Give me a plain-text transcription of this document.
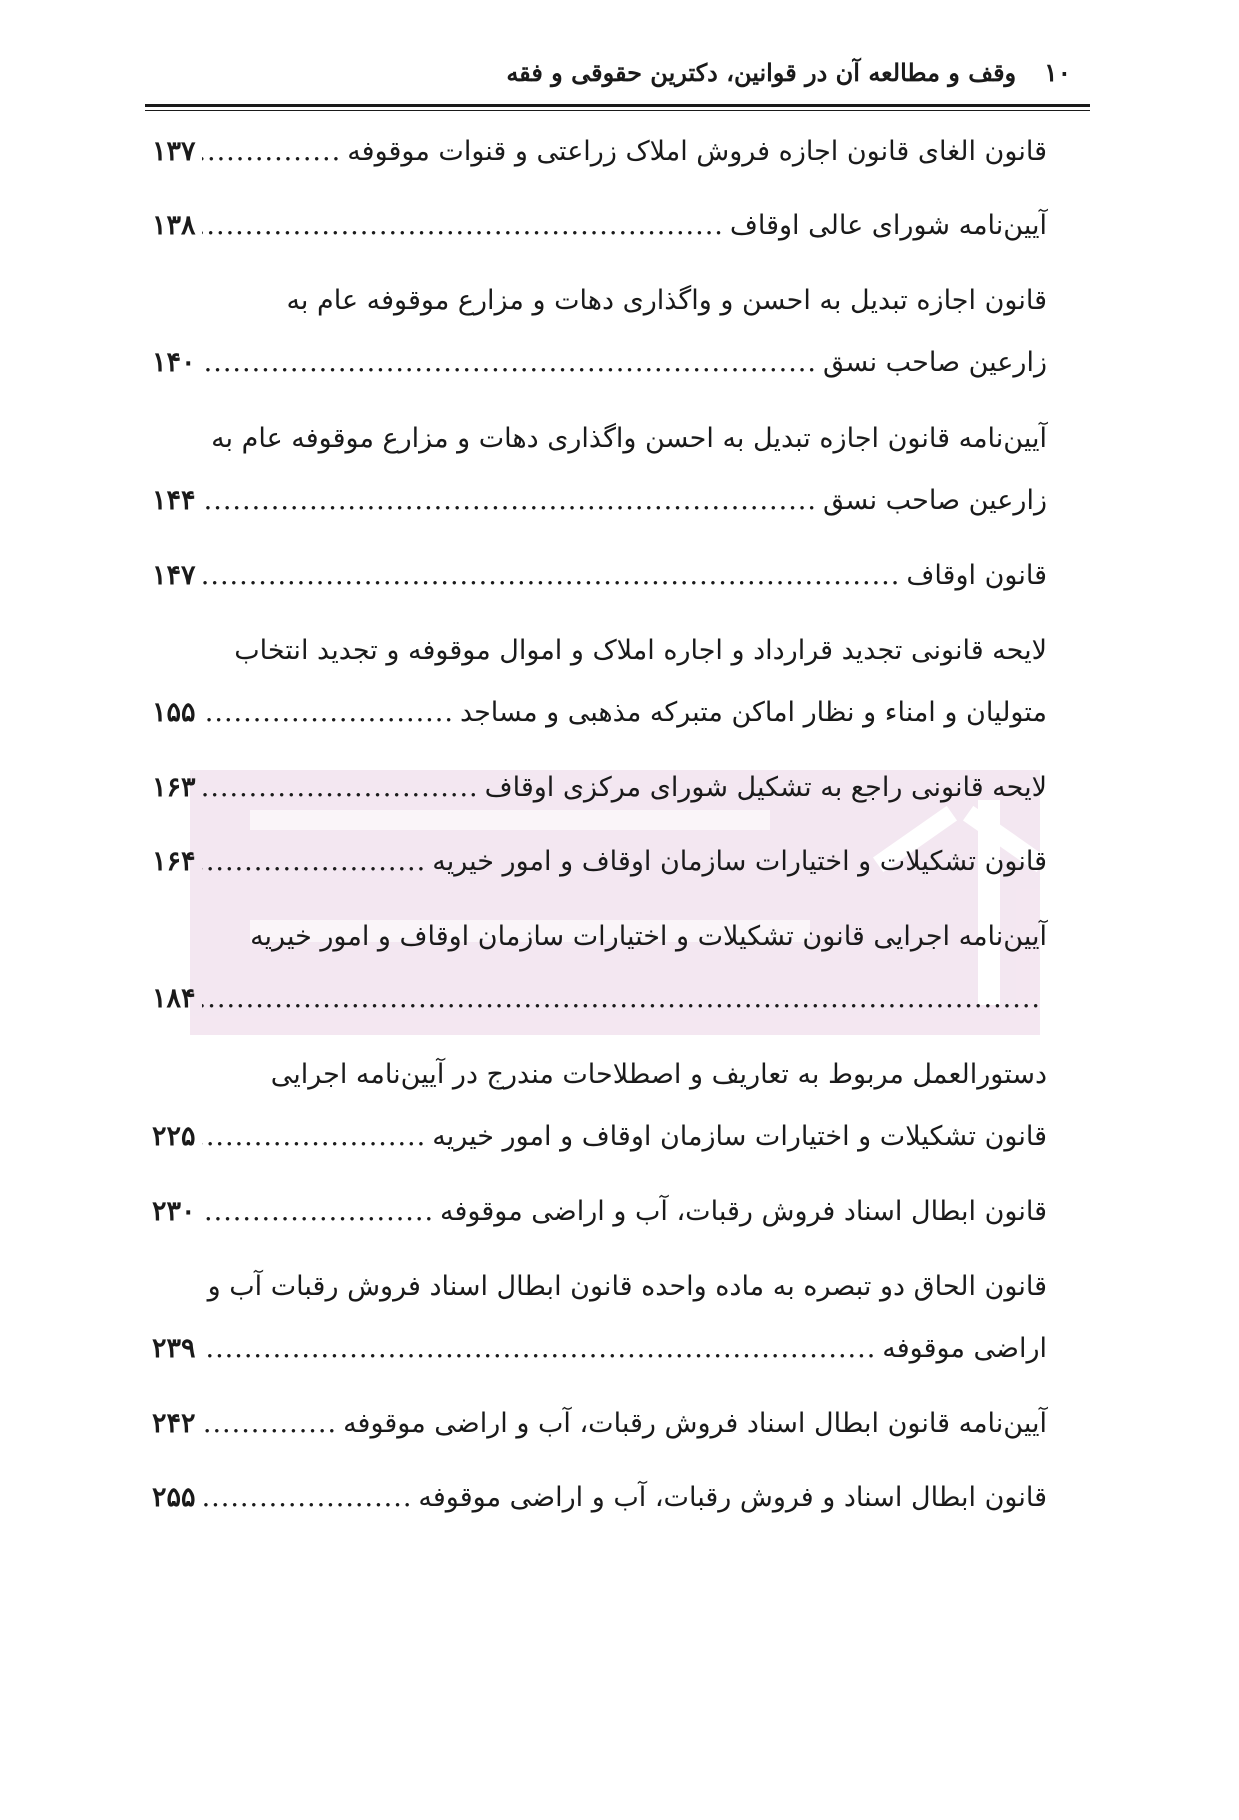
۱۰
وقف و مطالعه آن در قوانین، دکترین حقوقی و فقه
قانون الغای قانون اجازه فروش املاک زراعتی و قنوات موقوفه
.....
۱۳۷
آیین‌نامه شورای عالی اوقاف
.....
۱۳۸
قانون اجازه تبدیل به احسن و واگذاری دهات و مزارع موقوفه عام به
زارعین صاحب نسق
.....
۱۴۰
آیین‌نامه قانون اجازه تبدیل به احسن واگذاری دهات و مزارع موقوفه عام به
زارعین صاحب نسق
.....
۱۴۴
قانون اوقاف
.....
۱۴۷
لایحه قانونی تجدید قرارداد و اجاره املاک و اموال موقوفه و تجدید انتخاب
متولیان و امناء و نظار اماکن متبرکه مذهبی و مساجد
.....
۱۵۵
لایحه قانونی راجع به تشکیل شورای مرکزی اوقاف
.....
۱۶۳
قانون تشکیلات و اختیارات سازمان اوقاف و امور خیریه
.....
۱۶۴
آیین‌نامه اجرایی قانون تشکیلات و اختیارات سازمان اوقاف و امور خیریه
.....
۱۸۴
دستورالعمل مربوط به تعاریف و اصطلاحات مندرج در آیین‌نامه اجرایی
قانون تشکیلات و اختیارات سازمان اوقاف و امور خیریه
.....
۲۲۵
قانون ابطال اسناد فروش رقبات، آب و اراضی موقوفه
.....
۲۳۰
قانون الحاق دو تبصره به ماده واحده قانون ابطال اسناد فروش رقبات آب و
اراضی موقوفه
.....
۲۳۹
آیین‌نامه قانون ابطال اسناد فروش رقبات، آب و اراضی موقوفه
.....
۲۴۲
قانون ابطال اسناد و فروش رقبات، آب و اراضی موقوفه
.....
۲۵۵
